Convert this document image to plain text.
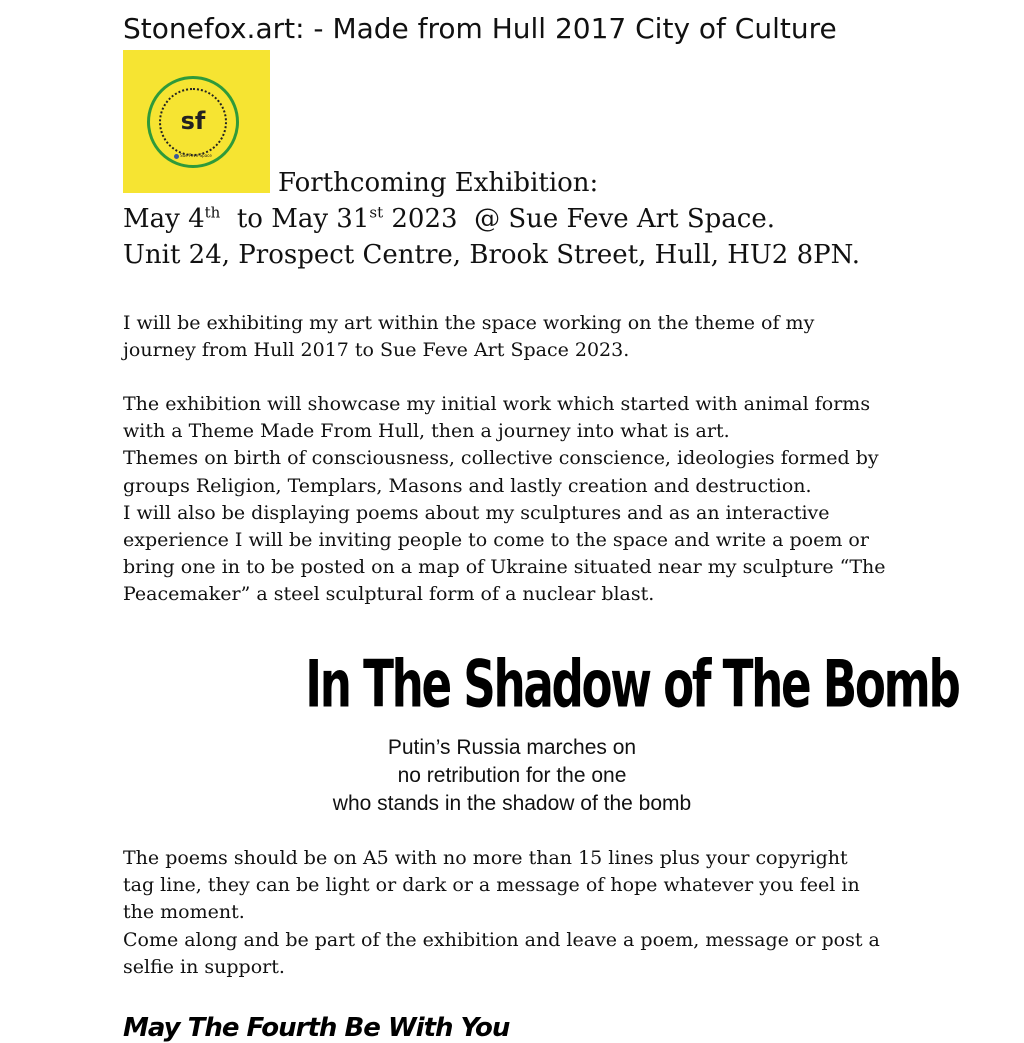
Stonefox.art: - Made from Hull 2017 City of Culture
sf
Sue Feve Space
Forthcoming Exhibition:
May 4th  to May 31st 2023  @ Sue Feve Art Space.
Unit 24, Prospect Centre, Brook Street, Hull, HU2 8PN.
I will be exhibiting my art within the space working on the theme of my
journey from Hull 2017 to Sue Feve Art Space 2023.
The exhibition will showcase my initial work which started with animal forms
with a Theme Made From Hull, then a journey into what is art.
Themes on birth of consciousness, collective conscience, ideologies formed by
groups Religion, Templars, Masons and lastly creation and destruction.
I will also be displaying poems about my sculptures and as an interactive
experience I will be inviting people to come to the space and write a poem or
bring one in to be posted on a map of Ukraine situated near my sculpture “The
Peacemaker” a steel sculptural form of a nuclear blast.
In The Shadow of The Bomb
Putin’s Russia marches on
no retribution for the one
who stands in the shadow of the bomb
The poems should be on A5 with no more than 15 lines plus your copyright
tag line, they can be light or dark or a message of hope whatever you feel in
the moment.
Come along and be part of the exhibition and leave a poem, message or post a
selfie in support.
May The Fourth Be With You
